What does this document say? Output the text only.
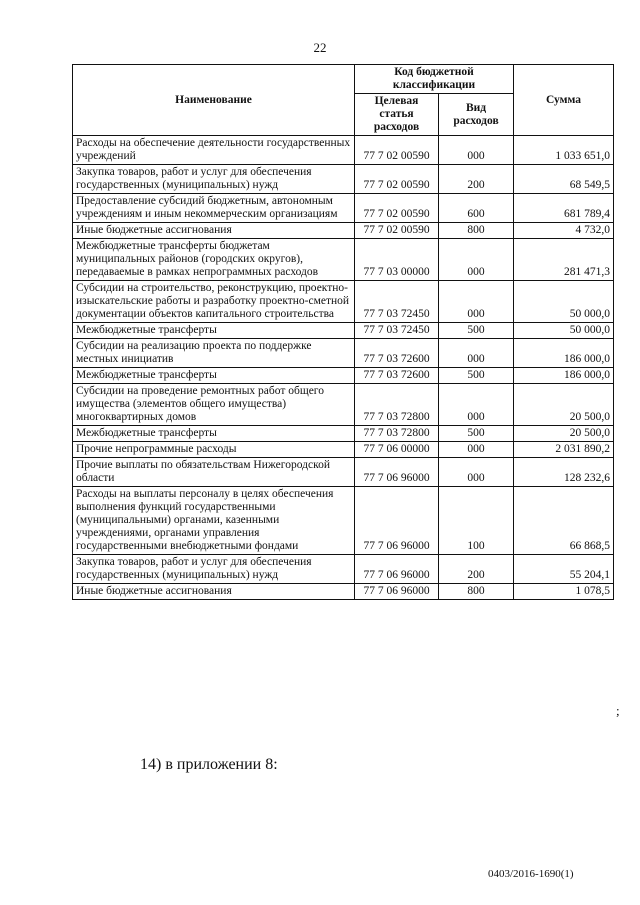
22
Наименование	Код бюджетной классификации		Сумма
	Целевая статья расходов	Вид расходов	
Расходы на обеспечение деятельности государственных учреждений	77 7 02 00590	000	1 033 651,0
Закупка товаров, работ и услуг для обеспечения государственных (муниципальных) нужд	77 7 02 00590	200	68 549,5
Предоставление субсидий бюджетным, автономным учреждениям и иным некоммерческим организациям	77 7 02 00590	600	681 789,4
Иные бюджетные ассигнования	77 7 02 00590	800	4 732,0
Межбюджетные трансферты бюджетам муниципальных районов (городских округов), передаваемые в рамках непрограммных расходов	77 7 03 00000	000	281 471,3
Субсидии на строительство, реконструкцию, проектно-изыскательские работы и разработку проектно-сметной документации объектов капитального строительства	77 7 03 72450	000	50 000,0
Межбюджетные трансферты	77 7 03 72450	500	50 000,0
Субсидии на реализацию проекта по поддержке местных инициатив	77 7 03 72600	000	186 000,0
Межбюджетные трансферты	77 7 03 72600	500	186 000,0
Субсидии на проведение ремонтных работ общего имущества (элементов общего имущества) многоквартирных домов	77 7 03 72800	000	20 500,0
Межбюджетные трансферты	77 7 03 72800	500	20 500,0
Прочие непрограммные расходы	77 7 06 00000	000	2 031 890,2
Прочие выплаты по обязательствам Нижегородской области	77 7 06 96000	000	128 232,6
Расходы на выплаты персоналу в целях обеспечения выполнения функций государственными (муниципальными) органами, казенными учреждениями, органами управления государственными внебюджетными фондами	77 7 06 96000	100	66 868,5
Закупка товаров, работ и услуг для обеспечения государственных (муниципальных) нужд	77 7 06 96000	200	55 204,1
Иные бюджетные ассигнования	77 7 06 96000	800	1 078,5
;
14) в приложении 8:
0403/2016-1690(1)
